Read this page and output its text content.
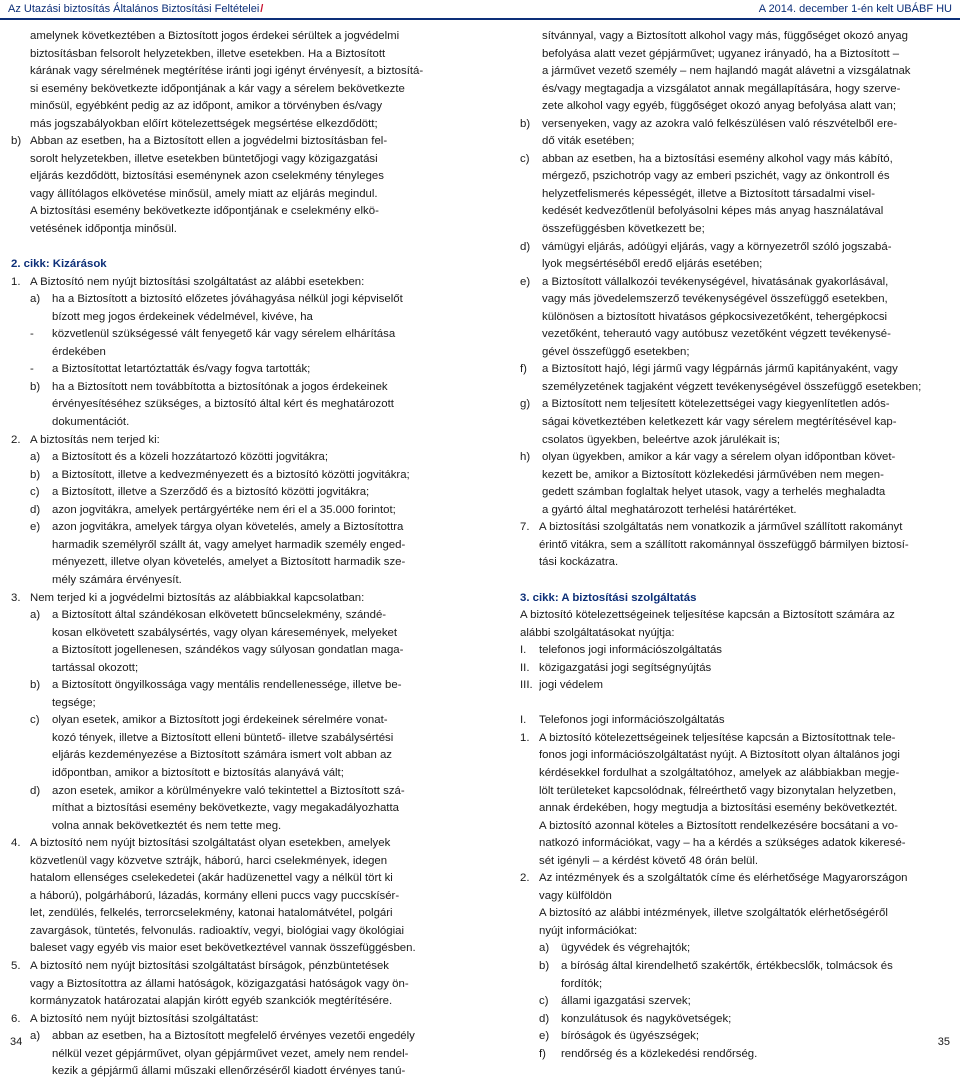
Az Utazási biztosítás Általános Biztosítási Feltételei/	A 2014. december 1-én kelt UBÁBF HU
amelynek következtében a Biztosított jogos érdekei sérültek a jogvédelmi
biztosításban felsorolt helyzetekben, illetve esetekben. Ha a Biztosított
kárának vagy sérelmének megtérítése iránti jogi igényt érvényesít, a biztosítá-
si esemény bekövetkezte időpontjának a kár vagy a sérelem bekövetkezte
minősül, egyébként pedig az az időpont, amikor a törvényben és/vagy
más jogszabályokban előírt kötelezettségek megsértése elkezdődött;
b) Abban az esetben, ha a Biztosított ellen a jogvédelmi biztosításban fel-
sorolt helyzetekben, illetve esetekben büntetőjogi vagy közigazgatási
eljárás kezdődött, biztosítási eseménynek azon cselekmény tényleges
vagy állítólagos elkövetése minősül, amely miatt az eljárás megindul.
A biztosítási esemény bekövetkezte időpontjának e cselekmény elkö-
vetésének időpontja minősül.
2. cikk: Kizárások
1. A Biztosító nem nyújt biztosítási szolgáltatást az alábbi esetekben:
a)	ha a Biztosított a biztosító előzetes jóváhagyása nélkül jogi képviselőt
bízott meg jogos érdekeinek védelmével, kivéve, ha
-	közvetlenül szükségessé vált fenyegető kár vagy sérelem elhárítása
érdekében
-	a Biztosítottat letartóztatták és/vagy fogva tartották;
b)	ha a Biztosított nem továbbította a biztosítónak a jogos érdekeinek
érvényesítéséhez szükséges, a biztosító által kért és meghatározott
dokumentációt.
2. A biztosítás nem terjed ki:
a)	a Biztosított és a közeli hozzátartozó közötti jogvitákra;
b)	a Biztosított, illetve a kedvezményezett és a biztosító közötti jogvitákra;
c)	a Biztosított, illetve a Szerződő és a biztosító közötti jogvitákra;
d)	azon jogvitákra, amelyek pertárgyértéke nem éri el a 35.000 forintot;
e)	azon jogvitákra, amelyek tárgya olyan követelés, amely a Biztosítottra
harmadik személyről szállt át, vagy amelyet harmadik személy enged-
ményezett, illetve olyan követelés, amelyet a Biztosított harmadik sze-
mély számára érvényesít.
3. Nem terjed ki a jogvédelmi biztosítás az alábbiakkal kapcsolatban:
a)	a Biztosított által szándékosan elkövetett bűncselekmény, szándé-
kosan elkövetett szabálysértés, vagy olyan káresemények, melyeket
a Biztosított jogellenesen, szándékos vagy súlyosan gondatlan maga-
tartással okozott;
b)	a Biztosított öngyilkossága vagy mentális rendellenessége, illetve be-
tegsége;
c)	olyan esetek, amikor a Biztosított jogi érdekeinek sérelmére vonat-
kozó tények, illetve a Biztosított elleni büntető- illetve szabálysértési
eljárás kezdeményezése a Biztosított számára ismert volt abban az
időpontban, amikor a biztosított e biztosítás alanyává vált;
d)	azon esetek, amikor a körülményekre való tekintettel a Biztosított szá-
míthat a biztosítási esemény bekövetkezte, vagy megakadályozhatta
volna annak bekövetkeztét és nem tette meg.
4. A biztosító nem nyújt biztosítási szolgáltatást olyan esetekben, amelyek
közvetlenül vagy közvetve sztrájk, háború, harci cselekmények, idegen
hatalom ellenséges cselekedetei (akár hadüzenettel vagy a nélkül tört ki
a háború), polgárháború, lázadás, kormány elleni puccs vagy puccskísér-
let, zendülés, felkelés, terrorcselekmény, katonai hatalomátvétel, polgári
zavargások, tüntetés, felvonulás. radioaktív, vegyi, biológiai vagy ökológiai
baleset vagy egyéb vis maior eset bekövetkeztével vannak összefüggésben.
5. A biztosító nem nyújt biztosítási szolgáltatást bírságok, pénzbüntetések
vagy a Biztosítottra az állami hatóságok, közigazgatási hatóságok vagy ön-
kormányzatok határozatai alapján kirótt egyéb szankciók megtérítésére.
6. A biztosító nem nyújt biztosítási szolgáltatást:
a)	abban az esetben, ha a Biztosított megfelelő érvényes vezetői engedély
nélkül vezet gépjárművet, olyan gépjárművet vezet, amely nem rendel-
kezik a gépjármű állami műszaki ellenőrzéséről kiadott érvényes tanú-
sítvánnyal, vagy a Biztosított alkohol vagy más, függőséget okozó anyag
befolyása alatt vezet gépjárművet; ugyanez irányadó, ha a Biztosított –
a járművet vezető személy – nem hajlandó magát alávetni a vizsgálatnak
és/vagy megtagadja a vizsgálatot annak megállapítására, hogy szerve-
zete alkohol vagy egyéb, függőséget okozó anyag befolyása alatt van;
b)	versenyeken, vagy az azokra való felkészülésen való részvételből ere-
dő viták esetében;
c)	abban az esetben, ha a biztosítási esemény alkohol vagy más kábító,
mérgező, pszichotróp vagy az emberi pszichét, vagy az önkontroll és
helyzetfelismerés képességét, illetve a Biztosított társadalmi visel-
kedését kedvezőtlenül befolyásolni képes más anyag használatával
összefüggésben következett be;
d)	vámügyi eljárás, adóügyi eljárás, vagy a környezetről szóló jogszabá-
lyok megsértéséből eredő eljárás esetében;
e)	a Biztosított vállalkozói tevékenységével, hivatásának gyakorlásával,
vagy más jövedelemszerző tevékenységével összefüggő esetekben,
különösen a biztosított hivatásos gépkocsivezetőként, tehergépkocsi
vezetőként, teherautó vagy autóbusz vezetőként végzett tevékenysé-
gével összefüggő esetekben;
f)	a Biztosított hajó, légi jármű vagy légpárnás jármű kapitányaként, vagy
személyzetének tagjaként végzett tevékenységével összefüggő esetekben;
g)	a Biztosított nem teljesített kötelezettségei vagy kiegyenlítetlen adós-
ságai következtében keletkezett kár vagy sérelem megtérítésével kap-
csolatos ügyekben, beleértve azok járulékait is;
h)	olyan ügyekben, amikor a kár vagy a sérelem olyan időpontban követ-
kezett be, amikor a Biztosított közlekedési járművében nem megen-
gedett számban foglaltak helyet utasok, vagy a terhelés meghaladta
a gyártó által meghatározott terhelési határértéket.
7. A biztosítási szolgáltatás nem vonatkozik a járművel szállított rakományt
érintő vitákra, sem a szállított rakománnyal összefüggő bármilyen biztosí-
tási kockázatra.
3. cikk: A biztosítási szolgáltatás
A biztosító kötelezettségeinek teljesítése kapcsán a Biztosított számára az
alábbi szolgáltatásokat nyújtja:
I.	telefonos jogi információszolgáltatás
II. közigazgatási jogi segítségnyújtás
III. jogi védelem
I.	Telefonos jogi információszolgáltatás
1. A biztosító kötelezettségeinek teljesítése kapcsán a Biztosítottnak tele-
fonos jogi információszolgáltatást nyújt. A Biztosított olyan általános jogi
kérdésekkel fordulhat a szolgáltatóhoz, amelyek az alábbiakban megje-
lölt területeket kapcsolódnak, félreérthető vagy bizonytalan helyzetben,
annak érdekében, hogy megtudja a biztosítási esemény bekövetkeztét.
A biztosító azonnal köteles a Biztosított rendelkezésére bocsátani a vo-
natkozó információkat, vagy – ha a kérdés a szükséges adatok kikeresé-
sét igényli – a kérdést követő 48 órán belül.
2. Az intézmények és a szolgáltatók címe és elérhetősége Magyarországon
vagy külföldön
A biztosító az alábbi intézmények, illetve szolgáltatók elérhetőségéről
nyújt információkat:
a)	ügyvédek és végrehajtók;
b)	a bíróság által kirendelhető szakértők, értékbecslők, tolmácsok és
fordítók;
c)	állami igazgatási szervek;
d)	konzulátusok és nagykövetségek;
e)	bíróságok és ügyészségek;
f)	rendőrség és a közlekedési rendőrség.
34	35
